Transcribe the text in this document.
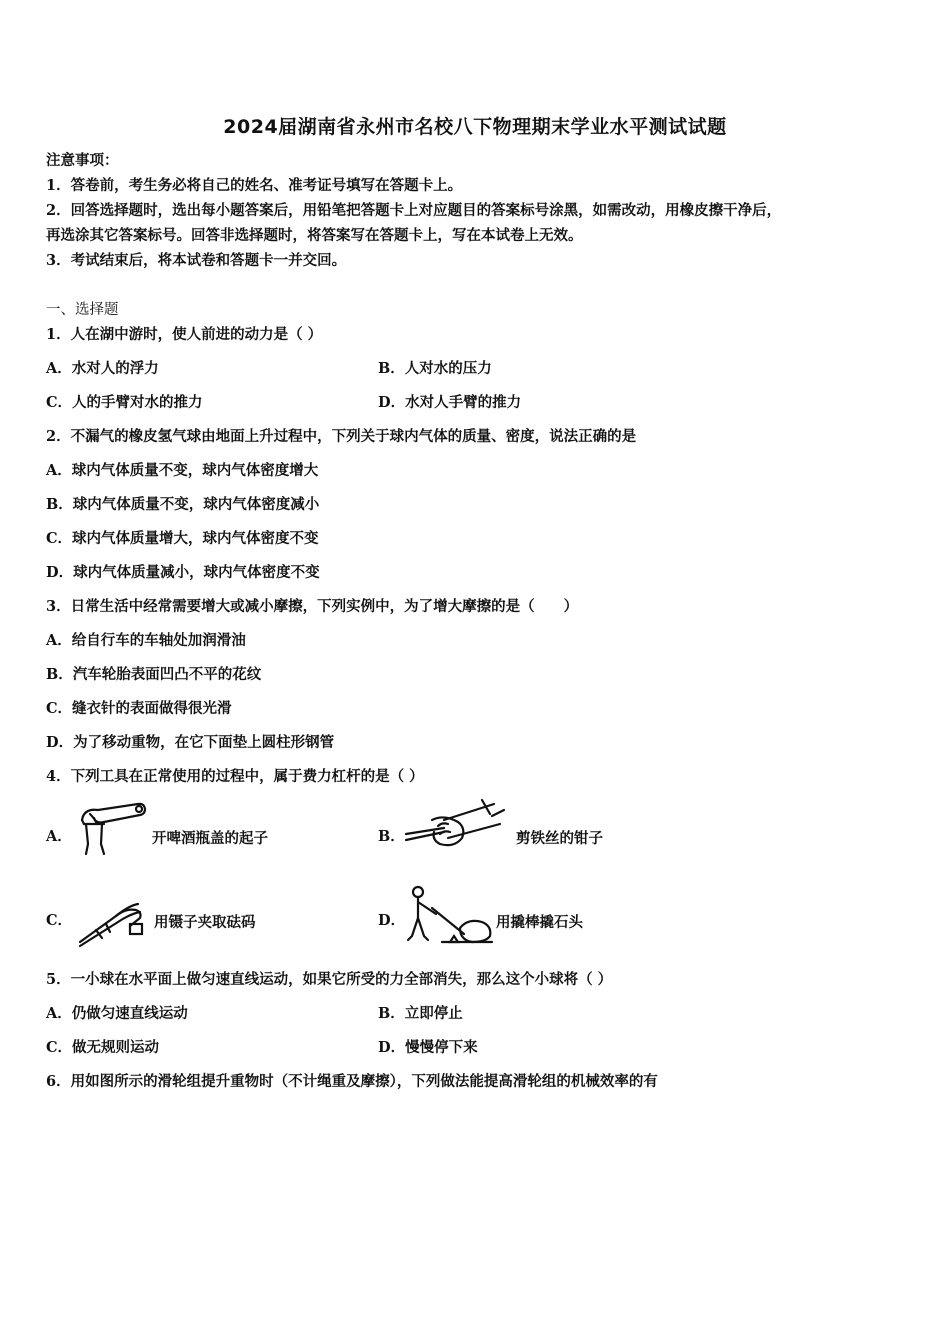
2024届湖南省永州市名校八下物理期末学业水平测试试题
注意事项：
1．答卷前，考生务必将自己的姓名、准考证号填写在答题卡上。
2．回答选择题时，选出每小题答案后，用铅笔把答题卡上对应题目的答案标号涂黑，如需改动，用橡皮擦干净后，
再选涂其它答案标号。回答非选择题时，将答案写在答题卡上，写在本试卷上无效。
3．考试结束后，将本试卷和答题卡一并交回。
一、选择题
1．人在湖中游时，使人前进的动力是（ ）
A．水对人的浮力	B．人对水的压力
C．人的手臂对水的推力	D．水对人手臂的推力
2．不漏气的橡皮氢气球由地面上升过程中，下列关于球内气体的质量、密度，说法正确的是
A．球内气体质量不变，球内气体密度增大
B．球内气体质量不变，球内气体密度减小
C．球内气体质量增大，球内气体密度不变
D．球内气体质量减小，球内气体密度不变
3．日常生活中经常需要增大或减小摩擦，下列实例中，为了增大摩擦的是（　　）
A．给自行车的车轴处加润滑油
B．汽车轮胎表面凹凸不平的花纹
C．缝衣针的表面做得很光滑
D．为了移动重物，在它下面垫上圆柱形钢管
4．下列工具在正常使用的过程中，属于费力杠杆的是（ ）
A．	开啤酒瓶盖的起子	B．	剪铁丝的钳子
C．	用镊子夹取砝码	D．	用撬棒撬石头
5．一小球在水平面上做匀速直线运动，如果它所受的力全部消失，那么这个小球将（ ）
A．仍做匀速直线运动	B．立即停止
C．做无规则运动	D．慢慢停下来
6．用如图所示的滑轮组提升重物时（不计绳重及摩擦），下列做法能提高滑轮组的机械效率的有
